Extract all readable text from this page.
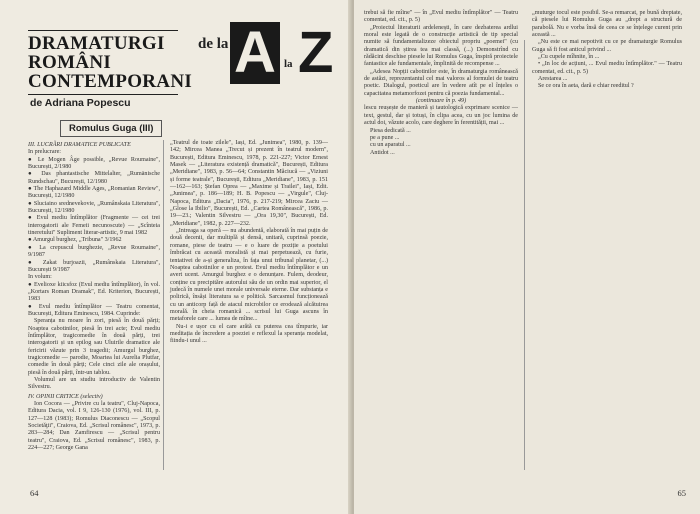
DRAMATURGI
ROMÂNI
CONTEMPORANI
de la A la Z
de Adriana Popescu
Romulus Guga (III)

III. LUCRĂRI DRAMATICE PUBLICATE

In prelucrare:

● Le Mogen Âge possible, „Revue Roumaine", București, 2/1980

● Das phantastische Mittelalter, „Rumänische Rundschau", București, 12/1980

● The Haphazard Middle Ages, „Romanian Review", București, 12/1980

● Sluciaino srednevekovie, „Rumânskaia Literatura", București, 12/1980

● Evul mediu întîmplător (Fragmente — cei trei interogatorii ale Femeii necunoscute) — „Scînteia tineretului" Supliment literar-artistic, 9 mai 1982

● Amurgul burghez, „Tribuna" 3/1962

● La crepuscul burghezie, „Revue Roumaine", 9/1987

● Zakat burjoazii, „Rumânskaia Literatura", București 9/1987

In volum:

● Evelioxe kiicsfoz (Evul mediu întîmplător), în vol. „Kortars Roman Dramak", Ed. Kriterion, București, 1983

● Evul mediu întîmplător — Teatru comentat, București, Editura Eminescu, 1984. Cuprinde:

Speranța nu moare în zori, piesă în două părți; Noaptea cabotinilor, piesă în trei acte; Evul mediu întîmplător, tragicomedie în două părți, trei interogatorii și un epilog sau Uluirile dramatice ale fericirii văzute prin 3 tragedii; Amurgul burghez, tragicomedie — parodie, Moartea lui Aurelia Plutfar, comedie în două părți; Cele cinci zile ale orașului, piesă în două părți, într-un tablou.

Volumul are un studiu introductiv de Valentin Silvestru.

IV. OPINII CRITICE (selectiv)

Ion Cocora — „Privire cu la teatru", Cluj-Napoca, Editura Dacia, vol. I 9, 126-130 (1976), vol. III, p. 127—128 (1983); Romulus Diaconescu — „Scopul Societăţii", Craiova, Ed. „Scrisul românesc", 1973, p. 283—284; Dan Zamfirescu — „Scrisul pentru teatru", Craiova, Ed. „Scrisul românesc", 1983, p. 224—227; George Gana

„Teatrul de toate zilele", Iași, Ed. „Junimea", 1980, p. 139—142; Mircea Manea „Trecut și prezent în teatrul modern", București, Editura Eminescu, 1978, p. 221-227; Victor Ernest Masek — „Literatura existență dramatică", București, Editura „Meridiane", 1983, p. 56—64; Constantin Măciucă — „Viziuni și forme teatrale", București, Editura „Meridiane", 1983, p. 151—162—163; Ștefan Oprea — „Maxime și Trailei", Iași, Edit. „Junimea", p. 186—189; H. B. Popescu — „Virgule", Cluj-Napoca, Editura „Dacia", 1976, p. 217-219; Mircea Zaciu — „Glose la Ibilio", București, Ed. „Cartea Românească", 1986, p. 19—23.; Valentin Silvestru — „Ora 19,30", București, Ed. „Meridiane", 1982, p. 227—232.

„Intreaga sa operă — nu abundentă, elaborată în mai puțin de două decenii, dar multiplă și densă, unitară, cuprinsă poezie, romane, piese de teatru — e o luare de poziție a poetului îmbrăcat cu această moralistă și mai perpetuează, cu furie, tentativei de a-și generaliza, în fața unui tribunal planetar, (...) Noaptea cabotinilor e un protest. Evul mediu întîmplător e un avert ucent. Amurgul burghez e o denunțare. Fulem, deodeur, conține cu precipităre autorului său de un ordin mai superior, el judecă în numele unei morale universale eterne. Dar substanța e polirică, însăși literatura sa e politică. Sarcasmul funcționează cu un anticorp față de atacul microbilor ce erodează alcătuirea morală. în cheia romanică ... scrisul lui Guga ascuns în metaforele care ... lumea de mîine...

Nu-i e ușor cu el care arătă cu puterea cea tîmpurie, iar meditația de încredere a poeziei e reflexul la speranța modelat, fiindu-i unul ...

64

trebui să fie mîine" — în „Evul mediu întîmplător" — Teatru comentat, ed. cit., p. 5)

„Proiectul literaturii ardelenești, în care dezbaterea ardlui moral este legată de o construcție artistică de tip special numite să fundamentalizeze obiectul propriu „poemei" (cu dramatică din știrea tea mai classă, (...) Demonstrînd cu rădăcini deschise piesele lui Romulus Guga, înspiră proiectele fantastice ale fundamentale, împlinită de recompense ...

„Adesea Nopții cabotinilor este, în dramaturgia românească de astăzi, reprezentantul cel mai valoros al formulei de teatru poetic. Dialogul, poeticul are în vedere atît pe el înțeles o capacitatea metamorfozei pentru că poezia fundamental...

(continuare în p. 49)

lescu reușește de manieră și tautologică exprimare scenice — text, gestul, dar și totuși, în clipa acea, cu un joc lumina de actul doi, văzute acolo, care deghere în ferentității, mai ...

Piesa dedicată ...

pe a pune ...

cu un aparatul ...

Antidot ...

„muturge tocul este posibil. Se-a remarcat, pe bună dreptate, că piesele lui Romulus Guga au „drept a structură de parabolă. Nu e vorba însă de ceea ce se înțelege curent prin această ...

„Nu este ce mai nepotivit cu ce pe dramaturgie Romulus Guga să fi fost anticul privind ...

„Cu cupele mîhnite, în ...

• „In loc de acțiuni, ... Evul mediu întîmplător." — Teatru comentat, ed. cit., p. 5)

Arestarea ...

Se ce ora în aeta, dară e chiar reeditul ?

65
